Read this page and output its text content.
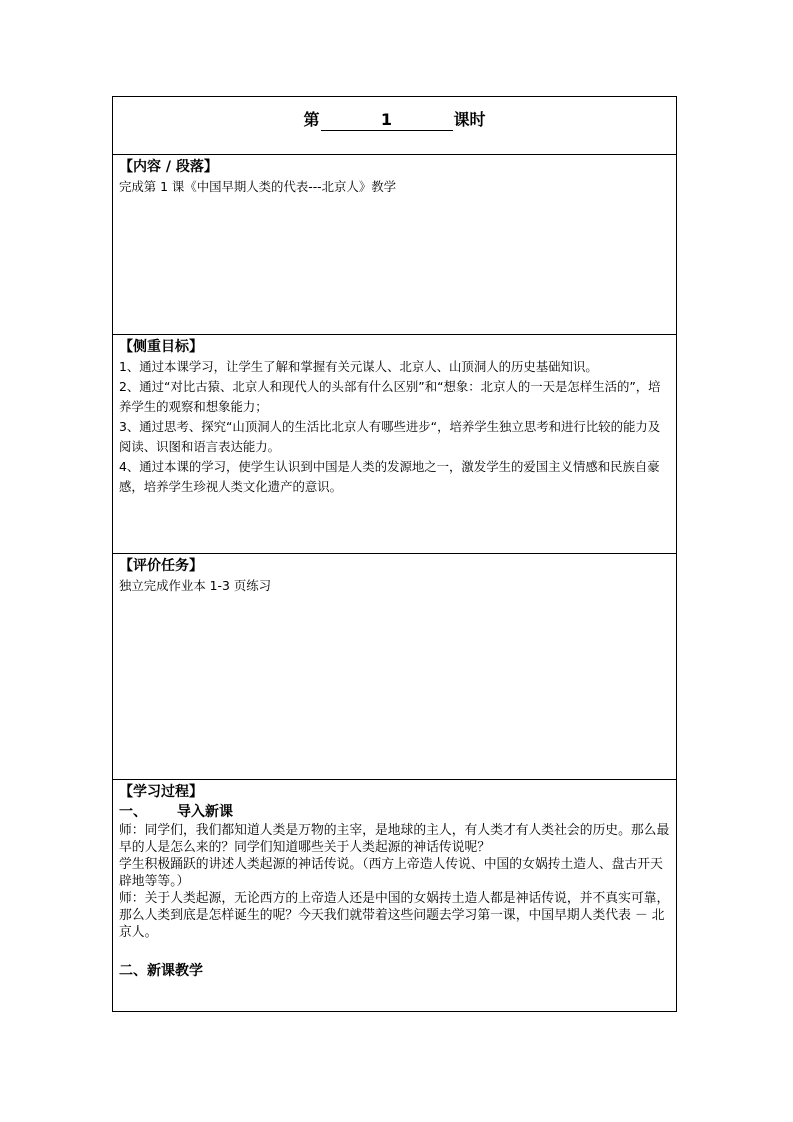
第	1	课时

【内容 / 段落】

完成第 1 课《中国早期人类的代表---北京人》教学

【侧重目标】

1、通过本课学习，让学生了解和掌握有关元谋人、北京人、山顶洞人的历史基础知识。

2、通过“对比古猿、北京人和现代人的头部有什么区别”和“想象：北京人的一天是怎样生活的”，培养学生的观察和想象能力；

3、通过思考、探究“山顶洞人的生活比北京人有哪些进步“，培养学生独立思考和进行比较的能力及阅读、识图和语言表达能力。

4、通过本课的学习，使学生认识到中国是人类的发源地之一，激发学生的爱国主义情感和民族自豪感，培养学生珍视人类文化遗产的意识。

【评价任务】

独立完成作业本 1-3 页练习

【学习过程】

一、 导入新课

师：同学们，我们都知道人类是万物的主宰，是地球的主人，有人类才有人类社会的历史。那么最早的人是怎么来的？同学们知道哪些关于人类起源的神话传说呢？

学生积极踊跃的讲述人类起源的神话传说。（西方上帝造人传说、中国的女娲抟土造人、盘古开天辟地等等。）

师：关于人类起源，无论西方的上帝造人还是中国的女娲抟土造人都是神话传说，并不真实可靠，那么人类到底是怎样诞生的呢？今天我们就带着这些问题去学习第一课，中国早期人类代表 － 北京人。

二、新课教学
